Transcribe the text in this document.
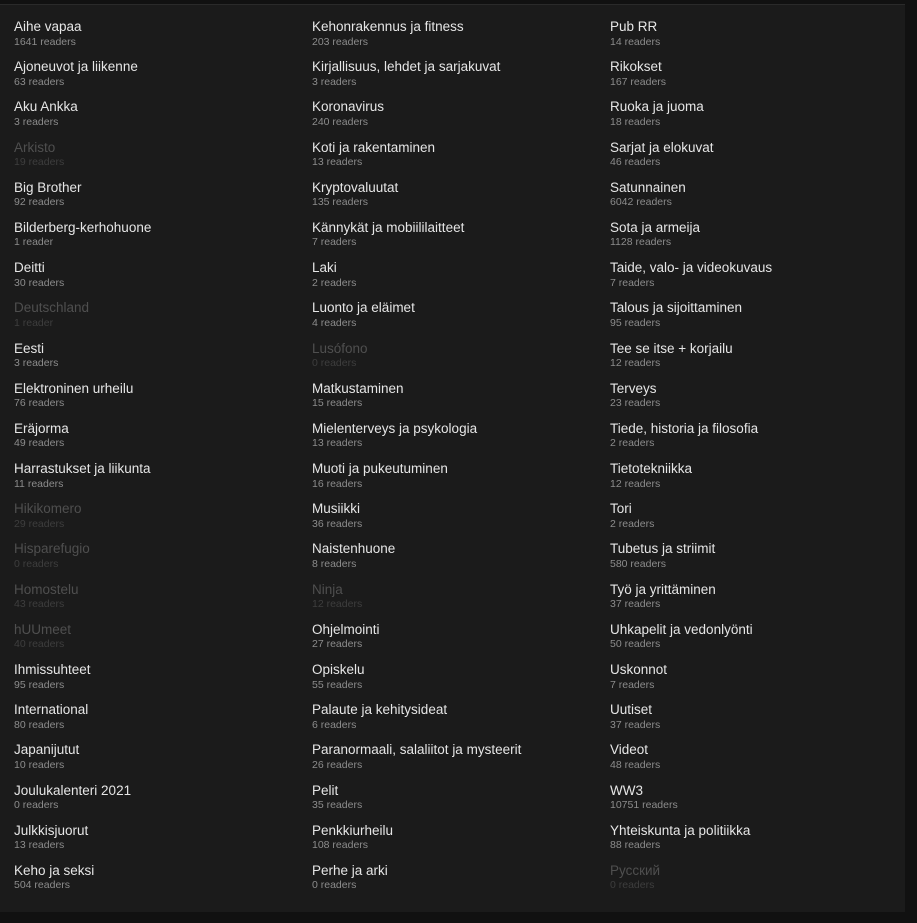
Aihe vapaa
1641 readers
Ajoneuvot ja liikenne
63 readers
Aku Ankka
3 readers
Arkisto
19 readers
Big Brother
92 readers
Bilderberg-kerhohuone
1 reader
Deitti
30 readers
Deutschland
1 reader
Eesti
3 readers
Elektroninen urheilu
76 readers
Eräjorma
49 readers
Harrastukset ja liikunta
11 readers
Hikikomero
29 readers
Hisparefugio
0 readers
Homostelu
43 readers
hUUmeet
40 readers
Ihmissuhteet
95 readers
International
80 readers
Japanijutut
10 readers
Joulukalenteri 2021
0 readers
Julkkisjuorut
13 readers
Keho ja seksi
504 readers
Kehonrakennus ja fitness
203 readers
Kirjallisuus, lehdet ja sarjakuvat
3 readers
Koronavirus
240 readers
Koti ja rakentaminen
13 readers
Kryptovaluutat
135 readers
Kännykät ja mobiililaitteet
7 readers
Laki
2 readers
Luonto ja eläimet
4 readers
Lusófono
0 readers
Matkustaminen
15 readers
Mielenterveys ja psykologia
13 readers
Muoti ja pukeutuminen
16 readers
Musiikki
36 readers
Naistenhuone
8 readers
Ninja
12 readers
Ohjelmointi
27 readers
Opiskelu
55 readers
Palaute ja kehitysideat
6 readers
Paranormaali, salaliitot ja mysteerit
26 readers
Pelit
35 readers
Penkkiurheilu
108 readers
Perhe ja arki
0 readers
Pub RR
14 readers
Rikokset
167 readers
Ruoka ja juoma
18 readers
Sarjat ja elokuvat
46 readers
Satunnainen
6042 readers
Sota ja armeija
1128 readers
Taide, valo- ja videokuvaus
7 readers
Talous ja sijoittaminen
95 readers
Tee se itse + korjailu
12 readers
Terveys
23 readers
Tiede, historia ja filosofia
2 readers
Tietotekniikka
12 readers
Tori
2 readers
Tubetus ja striimit
580 readers
Työ ja yrittäminen
37 readers
Uhkapelit ja vedonlyönti
50 readers
Uskonnot
7 readers
Uutiset
37 readers
Videot
48 readers
WW3
10751 readers
Yhteiskunta ja politiikka
88 readers
Русский
0 readers
